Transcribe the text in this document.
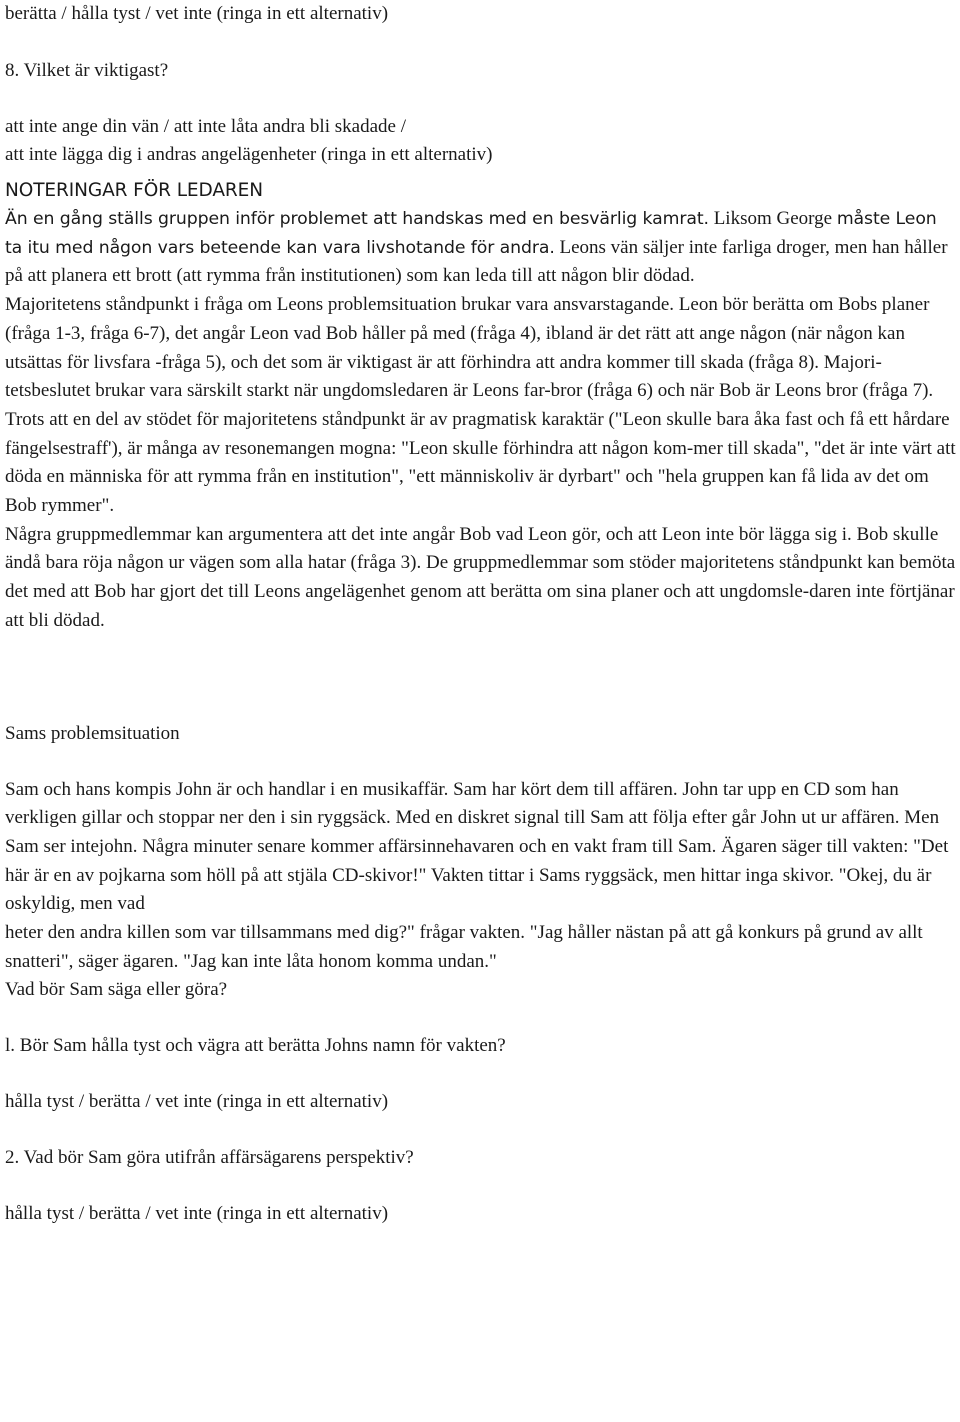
berätta / hålla tyst / vet inte (ringa in ett alternativ)
8. Vilket är viktigast?
att inte ange din vän / att inte låta andra bli skadade /
att inte lägga dig i andras angelägenheter (ringa in ett alternativ)
NOTERINGAR FÖR LEDAREN

Än en gång ställs gruppen inför problemet att handskas med en besvärlig kamrat. Liksom George måste Leon ta itu med någon vars beteende kan vara livshotande för andra. Leons vän säljer inte farliga droger, men han håller på att planera ett brott (att rymma från institutionen) som kan leda till att någon blir dödad.

Majoritetens ståndpunkt i fråga om Leons problemsituation brukar vara ansvarstagande. Leon bör berätta om Bobs planer (fråga 1-3, fråga 6-7), det angår Leon vad Bob håller på med (fråga 4), ibland är det rätt att ange någon (när någon kan utsättas för livsfara -fråga 5), och det som är viktigast är att förhindra att andra kommer till skada (fråga 8). Majori-tetsbeslutet brukar vara särskilt starkt när ungdomsledaren är Leons far-bror (fråga 6) och när Bob är Leons bror (fråga 7).

Trots att en del av stödet för majoritetens ståndpunkt är av pragmatisk karaktär ("Leon skulle bara åka fast och få ett hårdare fängelsestraff'), är många av resonemangen mogna: "Leon skulle förhindra att någon kom-mer till skada", "det är inte värt att döda en människa för att rymma från en institution", "ett människoliv är dyrbart" och "hela gruppen kan få lida av det om Bob rymmer".

Några gruppmedlemmar kan argumentera att det inte angår Bob vad Leon gör, och att Leon inte bör lägga sig i. Bob skulle ändå bara röja någon ur vägen som alla hatar (fråga 3). De gruppmedlemmar som stöder majoritetens ståndpunkt kan bemöta det med att Bob har gjort det till Leons angelägenhet genom att berätta om sina planer och att ungdomsle-daren inte förtjänar att bli dödad.

Sams problemsituation

Sam och hans kompis John är och handlar i en musikaffär. Sam har kört dem till affären. John tar upp en CD som han verkligen gillar och stoppar ner den i sin ryggsäck. Med en diskret signal till Sam att följa efter går John ut ur affären. Men Sam ser intejohn. Några minuter senare kommer affärsinnehavaren och en vakt fram till Sam. Ägaren säger till vakten: "Det här är en av pojkarna som höll på att stjäla CD-skivor!" Vakten tittar i Sams ryggsäck, men hittar inga skivor. "Okej, du är oskyldig, men vad

heter den andra killen som var tillsammans med dig?" frågar vakten. "Jag håller nästan på att gå konkurs på grund av allt snatteri", säger ägaren. "Jag kan inte låta honom komma undan."

Vad bör Sam säga eller göra?
l. Bör Sam hålla tyst och vägra att berätta Johns namn för vakten?
hålla tyst / berätta / vet inte (ringa in ett alternativ)
2. Vad bör Sam göra utifrån affärsägarens perspektiv?
hålla tyst / berätta / vet inte (ringa in ett alternativ)
